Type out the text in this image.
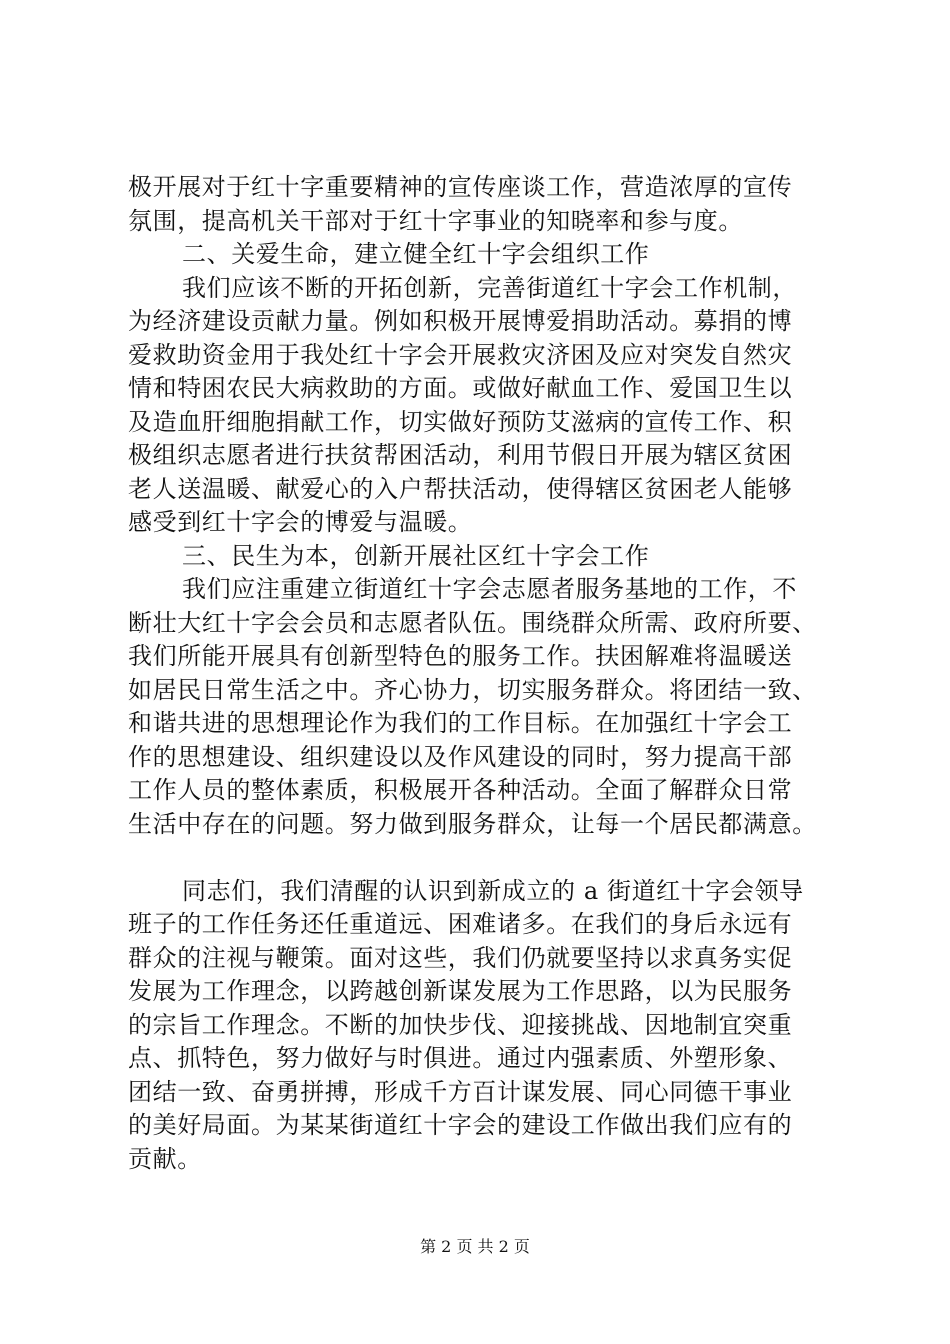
极开展对于红十字重要精神的宣传座谈工作，营造浓厚的宣传
氛围，提高机关干部对于红十字事业的知晓率和参与度。
二、关爱生命，建立健全红十字会组织工作
我们应该不断的开拓创新，完善街道红十字会工作机制，
为经济建设贡献力量。例如积极开展博爱捐助活动。募捐的博
爱救助资金用于我处红十字会开展救灾济困及应对突发自然灾
情和特困农民大病救助的方面。或做好献血工作、爱国卫生以
及造血肝细胞捐献工作，切实做好预防艾滋病的宣传工作、积
极组织志愿者进行扶贫帮困活动，利用节假日开展为辖区贫困
老人送温暖、献爱心的入户帮扶活动，使得辖区贫困老人能够
感受到红十字会的博爱与温暖。
三、民生为本，创新开展社区红十字会工作
我们应注重建立街道红十字会志愿者服务基地的工作，不
断壮大红十字会会员和志愿者队伍。围绕群众所需、政府所要、
我们所能开展具有创新型特色的服务工作。扶困解难将温暖送
如居民日常生活之中。齐心协力，切实服务群众。将团结一致、
和谐共进的思想理论作为我们的工作目标。在加强红十字会工
作的思想建设、组织建设以及作风建设的同时，努力提高干部
工作人员的整体素质，积极展开各种活动。全面了解群众日常
生活中存在的问题。努力做到服务群众，让每一个居民都满意。
同志们，我们清醒的认识到新成立的 a 街道红十字会领导
班子的工作任务还任重道远、困难诸多。在我们的身后永远有
群众的注视与鞭策。面对这些，我们仍就要坚持以求真务实促
发展为工作理念，以跨越创新谋发展为工作思路，以为民服务
的宗旨工作理念。不断的加快步伐、迎接挑战、因地制宜突重
点、抓特色，努力做好与时俱进。通过内强素质、外塑形象、
团结一致、奋勇拼搏，形成千方百计谋发展、同心同德干事业
的美好局面。为某某街道红十字会的建设工作做出我们应有的
贡献。
第 2 页 共 2 页
